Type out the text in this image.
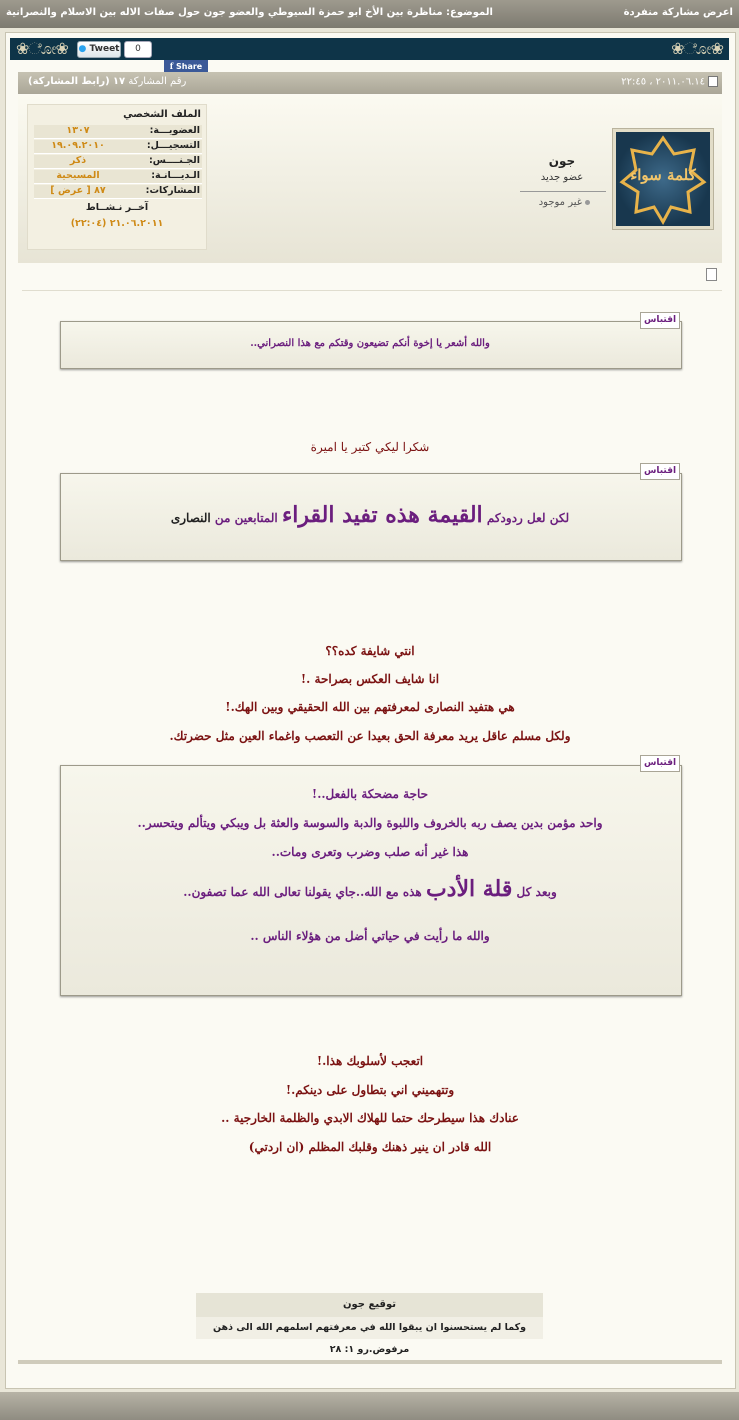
اعرض مشاركة منفردة
الموضوع: مناظرة بين الأخ ابو حمزة السيوطي والعضو جون حول صفات الاله بين الاسلام والنصرانية
❀ೋ❀
❀ೋ❀ ● Tweet	0
f Share
٢٠١١.٠٦.١٤ ، ٢٢:٤٥
رقم المشاركة ١٧ (رابط المشاركة)
كلمة سواء
جون
عضو جديد
غير موجود
الملف الشخصي
العضويـــة:
١٣٠٧
التسجيـــل:
١٩.٠٩.٢٠١٠
الجـنــــس:
ذكر
الـديـــانـة:
المسيحية
المشاركات:
٨٧ [ عرض ]
آخــر نـشــاط
٢١.٠٦.٢٠١١ (٢٢:٠٤)
اقتباس
والله أشعر يا إخوة أنكم تضيعون وقتكم مع هذا النصراني..
شكرا ليكي كتير يا اميرة
اقتباس
لكن لعل ردودكم القيمة هذه تفيد القراء المتابعين من النصارى
انتي شايفة كده؟؟
انا شايف العكس بصراحة .!
هي هتفيد النصارى لمعرفتهم بين الله الحقيقي وبين الهك.!
ولكل مسلم عاقل يريد معرفة الحق بعيدا عن التعصب واغماء العين مثل حضرتك.
اقتباس
حاجة مضحكة بالفعل..!
واحد مؤمن بدين يصف ربه بالخروف واللبوة والدبة والسوسة والعثة بل ويبكي ويتألم ويتحسر..
هذا غير أنه صلب وضرب وتعرى ومات..
وبعد كل قلة الأدب هذه مع الله..جاي يقولنا تعالى الله عما تصفون..
والله ما رأيت في حياتي أضل من هؤلاء الناس ..
اتعجب لأسلوبك هذا.!
وتتهميني اني بتطاول على دينكم.!
عنادك هذا سيطرحك حتما للهلاك الابدي والظلمة الخارجية ..
الله قادر ان ينير ذهنك وقلبك المظلم (ان اردتي)
توقيع جون
وكما لم يستحسنوا ان يبقوا الله في معرفتهم اسلمهم الله الى ذهن مرفوض.رو ١: ٢٨
